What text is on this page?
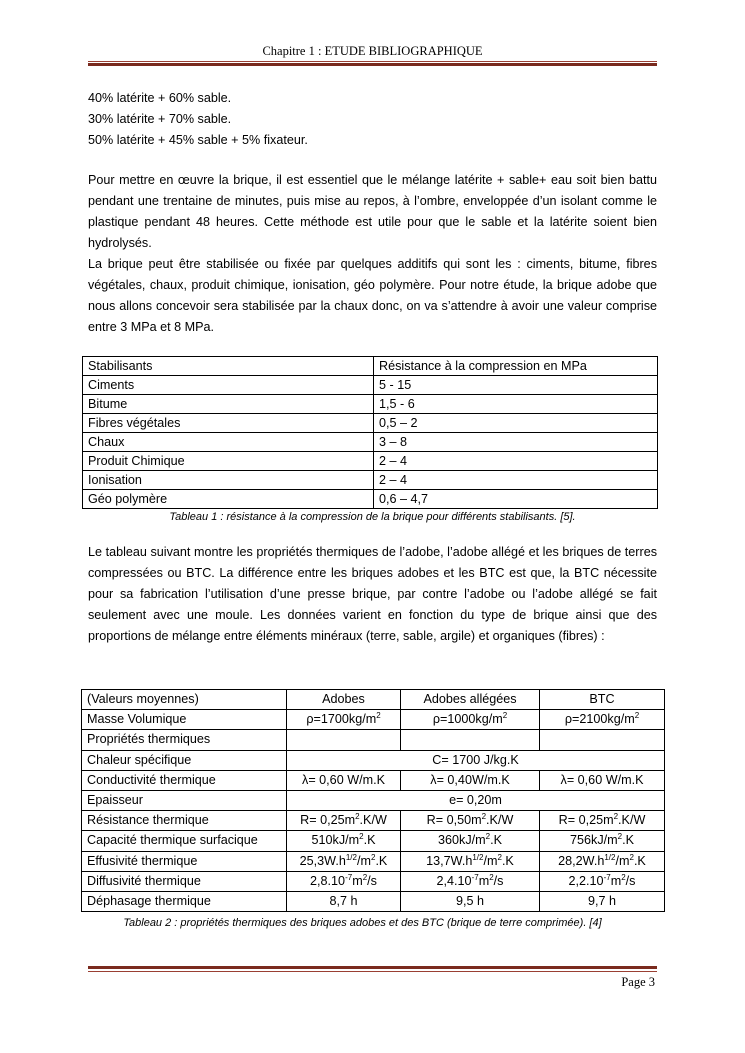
Chapitre 1 : ETUDE BIBLIOGRAPHIQUE
40% latérite + 60% sable.
30% latérite + 70% sable.
50% latérite + 45% sable + 5% fixateur.

Pour mettre en œuvre la brique, il est essentiel que le mélange latérite + sable+ eau soit bien battu pendant une trentaine de minutes, puis mise au repos, à l’ombre, enveloppée d’un isolant comme le plastique pendant 48 heures. Cette méthode est utile pour que le sable et la latérite soient bien hydrolysés.

La brique peut être stabilisée ou fixée par quelques additifs qui sont les : ciments, bitume, fibres végétales, chaux, produit chimique, ionisation, géo polymère. Pour notre étude, la brique adobe que nous allons concevoir sera stabilisée par la chaux donc, on va s’attendre à avoir une valeur comprise entre 3 MPa et 8 MPa.

Stabilisants	Résistance à la compression en MPa
Ciments	5 - 15
Bitume	1,5 - 6
Fibres végétales	0,5 – 2
Chaux	3 – 8
Produit Chimique	2 – 4
Ionisation	2 – 4
Géo polymère	0,6 – 4,7
Tableau 1 : résistance à la compression de la brique pour différents stabilisants. [5].

Le tableau suivant montre les propriétés thermiques de l’adobe, l’adobe allégé et les briques de terres compressées ou BTC. La différence entre les briques adobes et les BTC est que, la BTC nécessite pour sa fabrication l’utilisation d’une presse brique, par contre l’adobe ou l’adobe allégé se fait seulement avec une moule. Les données varient en fonction du type de brique ainsi que des proportions de mélange entre éléments minéraux (terre, sable, argile) et organiques (fibres) :

(Valeurs moyennes)	Adobes	Adobes allégées	BTC
Masse Volumique	$\rho=1700kg/m^2$	$\rho=1000kg/m^2$	$\rho=2100kg/m^2$
Propriétés thermiques			
Chaleur spécifique	C= 1700 J/kg.K		
Conductivité thermique	λ= 0,60 W/m.K	λ= 0,40W/m.K	λ= 0,60 W/m.K
Epaisseur	e= 0,20m		
Résistance thermique	$R= 0,25m^2.K/W$	$R= 0,50m^2.K/W$	$R= 0,25m^2.K/W$
Capacité thermique surfacique	$510kJ/m^2.K$	$360kJ/m^2.K$	$756kJ/m^2.K$
Effusivité thermique	$25,3W.h^{1/2}/m^2.K$	$13,7W.h^{1/2}/m^2.K$	$28,2W.h^{1/2}/m^2.K$
Diffusivité thermique	$2,8.10^{-7}m^2/s$	$2,4.10^{-7}m^2/s$	$2,2.10^{-7}m^2/s$
Déphasage thermique	8,7 h	9,5 h	9,7 h
Tableau 2 : propriétés thermiques des briques adobes et des BTC (brique de terre comprimée). [4]
Page 3
